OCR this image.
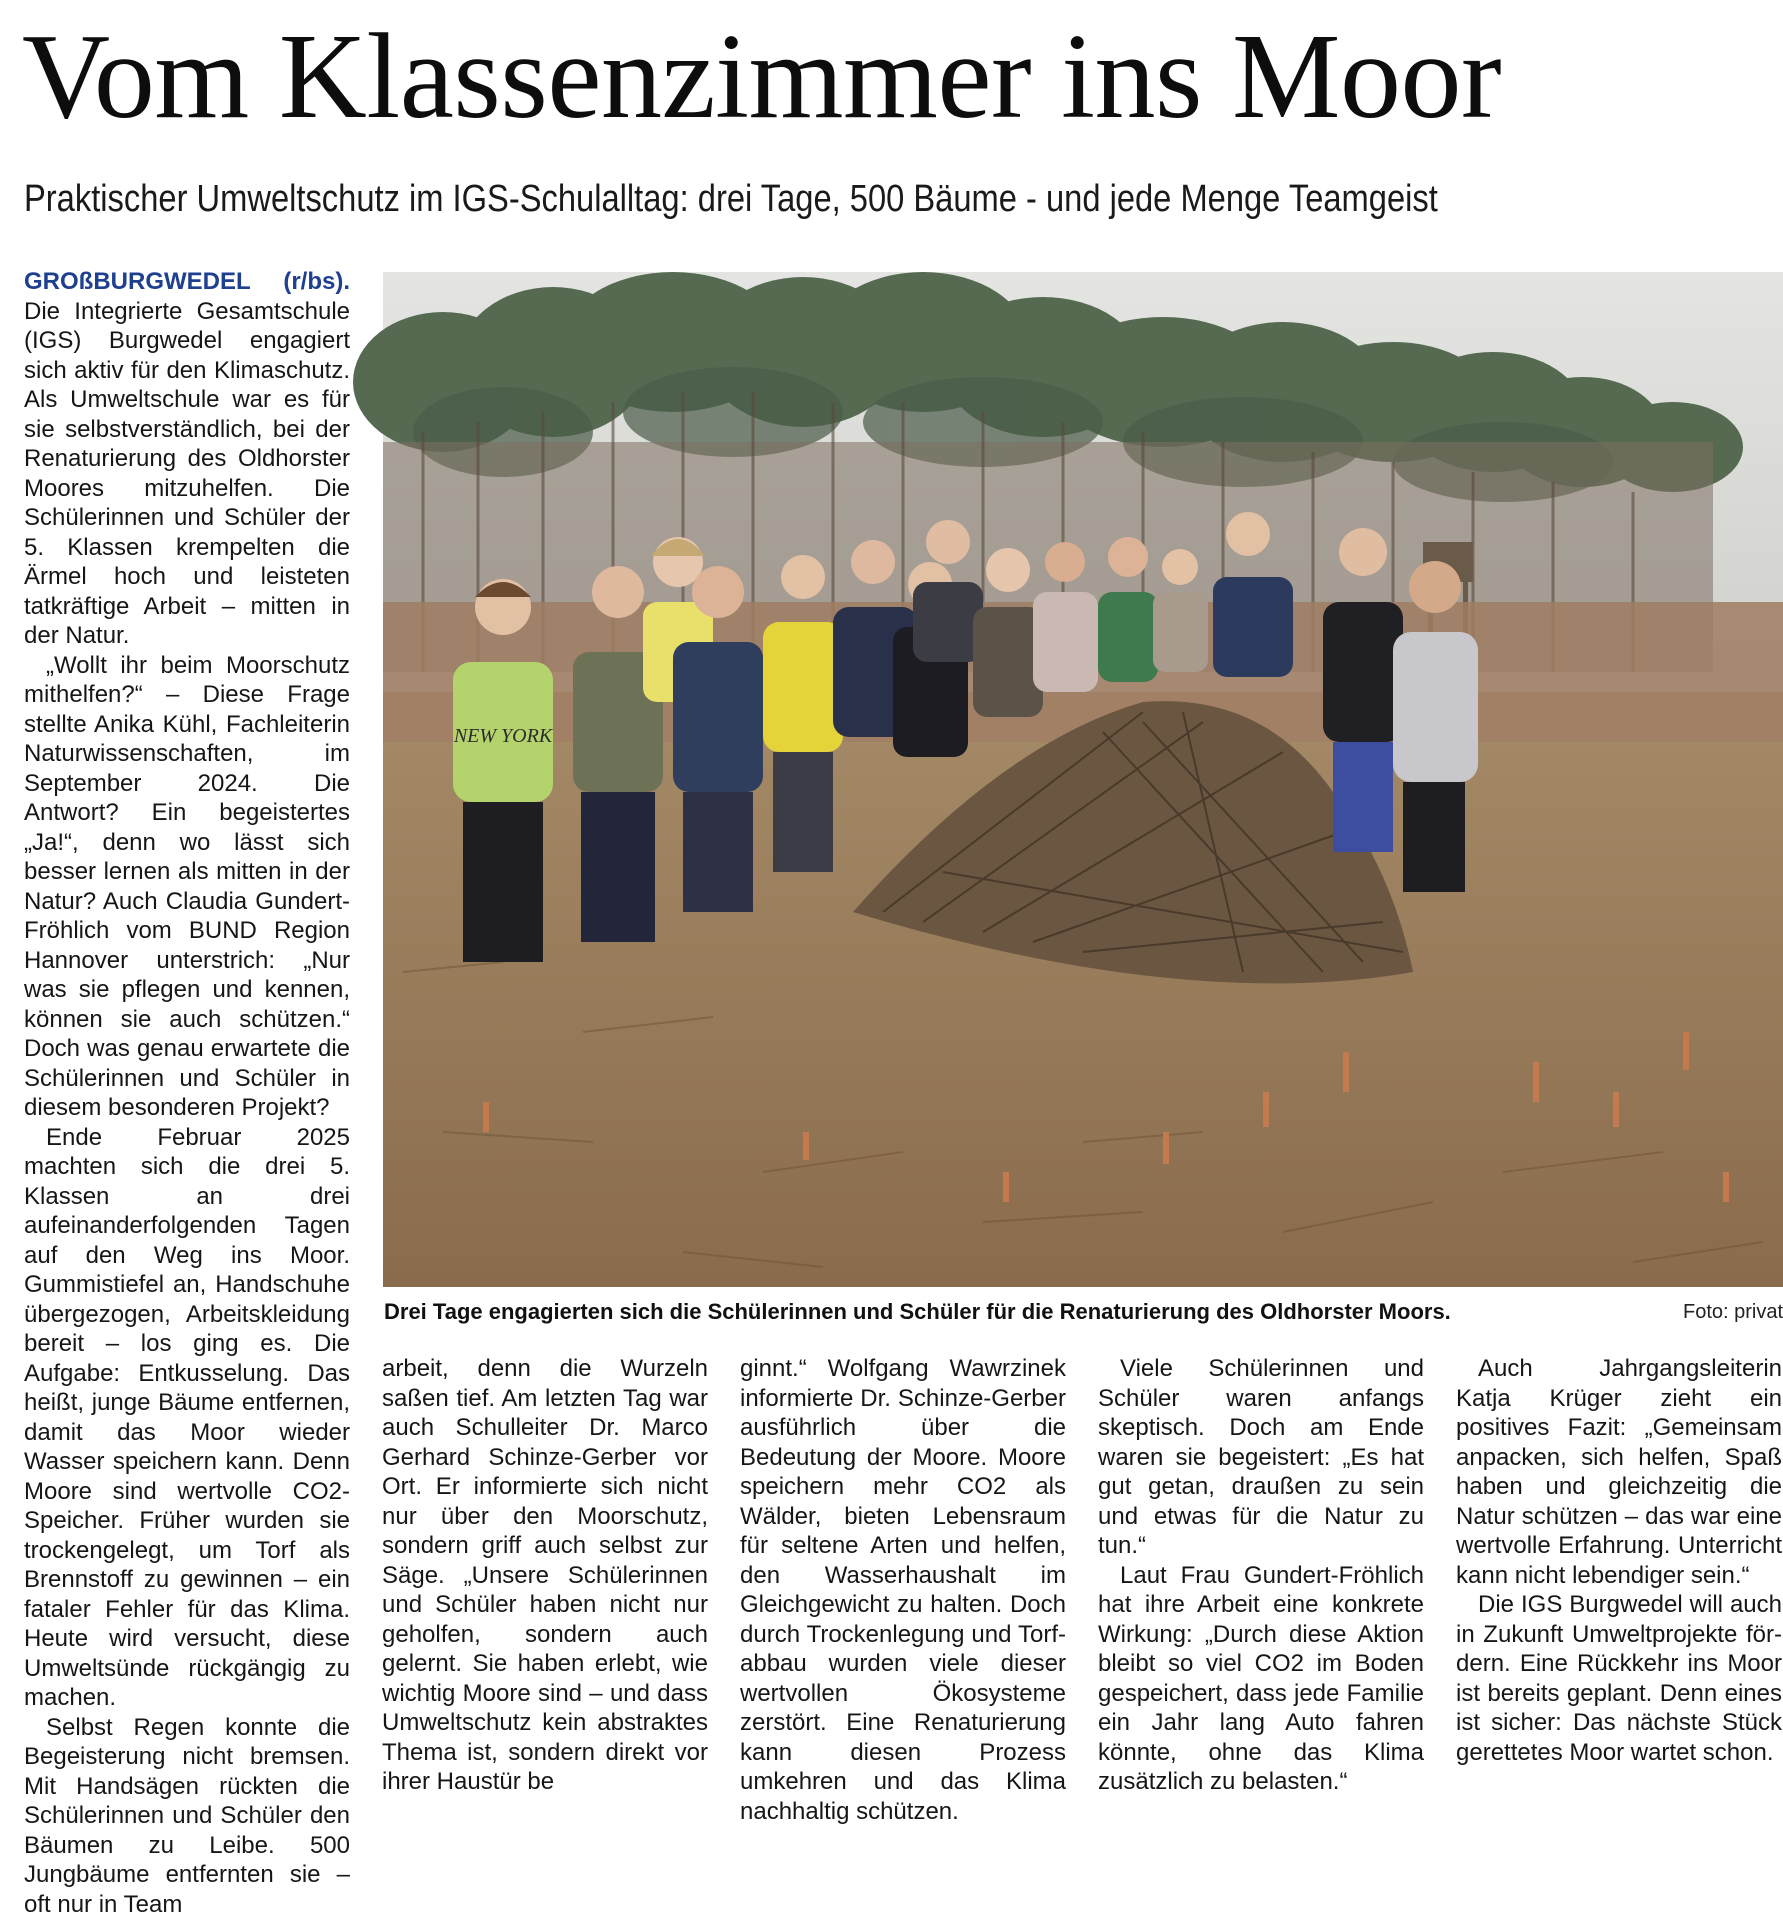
Vom Klassenzimmer ins Moor
Praktischer Umweltschutz im IGS-Schulalltag: drei Tage, 500 Bäume - und jede Menge Teamgeist

GROßBURGWEDEL (r/bs). Die Integrierte Gesamtschule (IGS) Burgwedel engagiert sich aktiv für den Klimaschutz. Als Umweltschule war es für sie selbstverständlich, bei der Renaturierung des Oldhorster Moores mitzuhelfen. Die Schülerinnen und Schüler der 5. Klassen krempelten die Ärmel hoch und leisteten tatkräftige Arbeit – mitten in der Natur.

„Wollt ihr beim Moorschutz mithelfen?“ – Diese Frage stellte Anika Kühl, Fachleiterin Naturwissenschaften, im September 2024. Die Antwort? Ein begeistertes „Ja!“, denn wo lässt sich besser lernen als mitten in der Natur? Auch Claudia Gundert-Fröhlich vom BUND Region Hannover unterstrich: „Nur was sie pflegen und kennen, können sie auch schützen.“ Doch was genau erwartete die Schülerinnen und Schüler in diesem besonderen Projekt?

Ende Februar 2025 machten sich die drei 5. Klassen an drei aufeinanderfolgenden Tagen auf den Weg ins Moor. Gummistiefel an, Handschuhe übergezogen, Arbeitskleidung bereit – los ging es. Die Aufgabe: Entkusselung. Das heißt, junge Bäume entfernen, damit das Moor wieder Wasser speichern kann. Denn Moore sind wertvolle CO2-Speicher. Früher wurden sie trockengelegt, um Torf als Brennstoff zu gewinnen – ein fataler Fehler für das Klima. Heute wird versucht, diese Umweltsünde rückgängig zu machen.

Selbst Regen konnte die Begeisterung nicht bremsen. Mit Handsägen rückten die Schülerinnen und Schüler den Bäumen zu Leibe. 500 Jungbäume entfernten sie – oft nur in Team

NEW YORK
Drei Tage engagierten sich die Schülerinnen und Schüler für die Renaturierung des Oldhorster Moors.	Foto: privat

arbeit, denn die Wurzeln saßen tief. Am letzten Tag war auch Schulleiter Dr. Marco Gerhard Schinze-Gerber vor Ort. Er informierte sich nicht nur über den Moorschutz, sondern griff auch selbst zur Säge. „Unsere Schülerinnen und Schüler haben nicht nur geholfen, sondern auch gelernt. Sie haben erlebt, wie wichtig Moore sind – und dass Umweltschutz kein abstraktes Thema ist, sondern direkt vor ihrer Haustür be

ginnt.“ Wolfgang Wawrzinek informierte Dr. Schinze-Gerber ausführlich über die Bedeutung der Moore. Moore speichern mehr CO2 als Wälder, bieten Lebensraum für seltene Arten und helfen, den Wasserhaushalt im Gleichgewicht zu halten. Doch durch Trockenlegung und Torfabbau wurden viele dieser wertvollen Ökosysteme zerstört. Eine Renaturierung kann diesen Prozess umkehren und das Klima nachhaltig schützen.

Viele Schülerinnen und Schüler waren anfangs skeptisch. Doch am Ende waren sie begeistert: „Es hat gut getan, draußen zu sein und etwas für die Natur zu tun.“

Laut Frau Gundert-Fröhlich hat ihre Arbeit eine konkrete Wirkung: „Durch diese Aktion bleibt so viel CO2 im Boden gespeichert, dass jede Familie ein Jahr lang Auto fahren könnte, ohne das Klima zusätzlich zu belasten.“

Auch Jahrgangsleiterin Katja Krüger zieht ein positives Fazit: „Gemeinsam anpacken, sich helfen, Spaß haben und gleichzeitig die Natur schützen – das war eine wertvolle Erfahrung. Unterricht kann nicht lebendiger sein.“

Die IGS Burgwedel will auch in Zukunft Umweltprojekte fördern. Eine Rückkehr ins Moor ist bereits geplant. Denn eines ist sicher: Das nächste Stück gerettetes Moor wartet schon.
